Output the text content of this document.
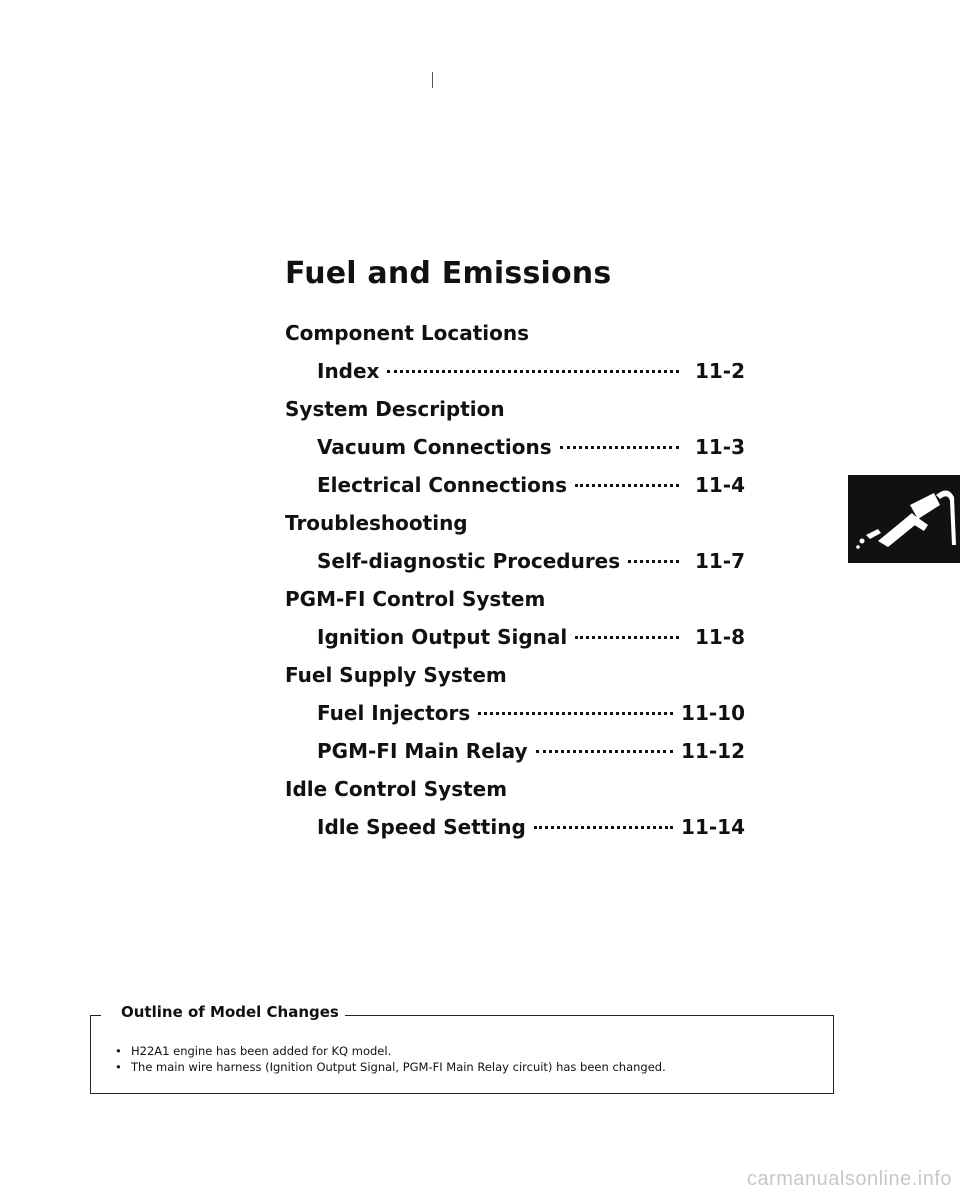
Fuel and Emissions
Component Locations
Index	11-2
System Description
Vacuum Connections	11-3
Electrical Connections	11-4
Troubleshooting
Self-diagnostic Procedures	11-7
PGM-FI Control System
Ignition Output Signal	11-8
Fuel Supply System
Fuel Injectors	11-10
PGM-FI Main Relay	11-12
Idle Control System
Idle Speed Setting	11-14
Outline of Model Changes
• H22A1 engine has been added for KQ model.
• The main wire harness (Ignition Output Signal, PGM-FI Main Relay circuit) has been changed.
carmanualsonline.info
